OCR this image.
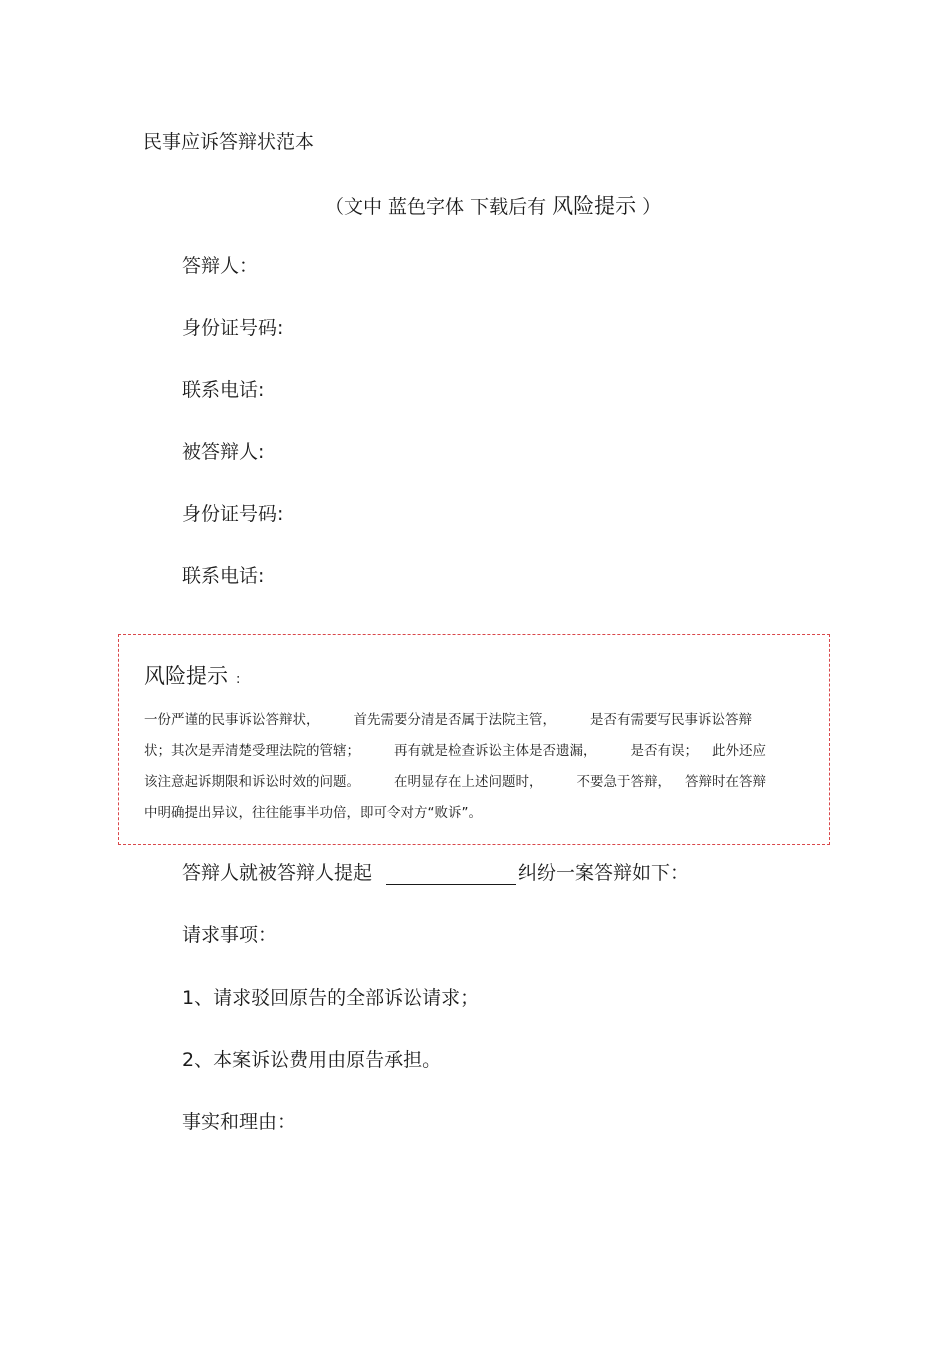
民事应诉答辩状范本

（文中 蓝色字体 下载后有 风险提示 ）

答辩人：

身份证号码:

联系电话:

被答辩人:

身份证号码:

联系电话:

风险提示 :
一份严谨的民事诉讼答辩状，	首先需要分清是否属于法院主管，	是否有需要写民事诉讼答辩
状；其次是弄清楚受理法院的管辖；	再有就是检查诉讼主体是否遗漏，	是否有误； 此外还应
该注意起诉期限和诉讼时效的问题。	在明显存在上述问题时，	不要急于答辩， 答辩时在答辩
中明确提出异议，往往能事半功倍，即可令对方“败诉”。

答辩人就被答辩人提起	纠纷一案答辩如下：

请求事项：

1、请求驳回原告的全部诉讼请求；

2、本案诉讼费用由原告承担。

事实和理由：
